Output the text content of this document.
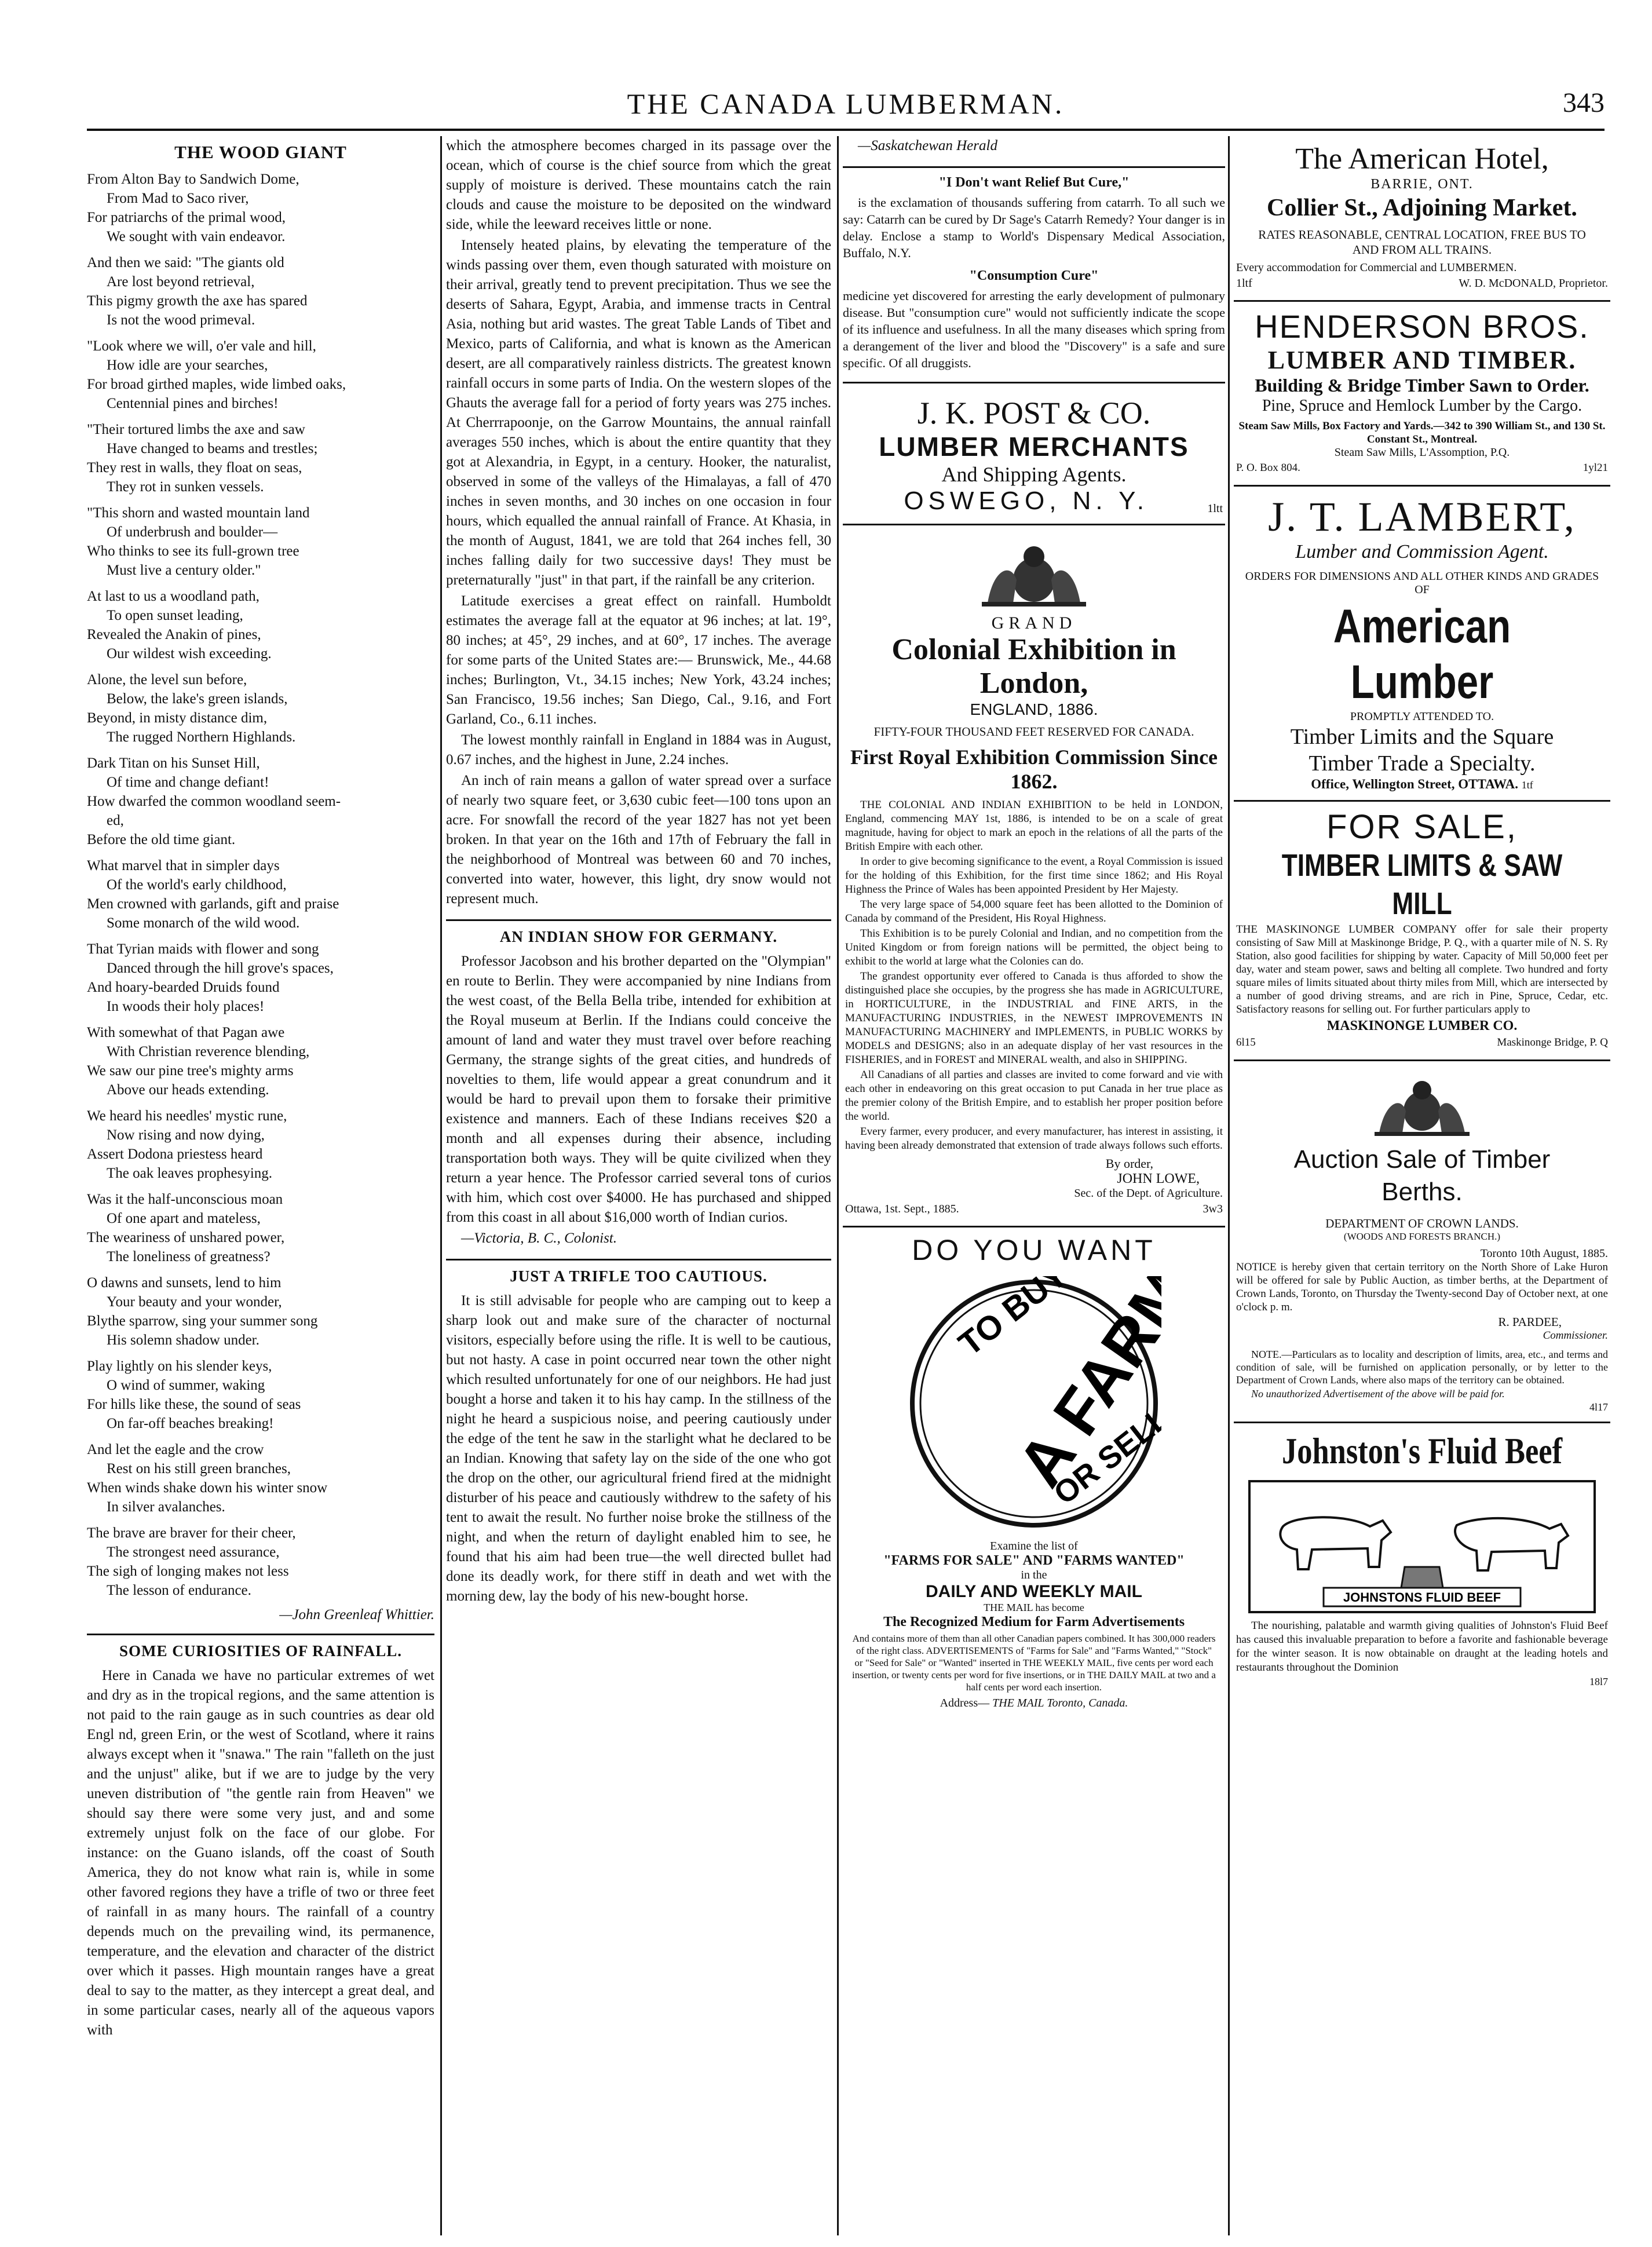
THE CANADA LUMBERMAN.	343
THE WOOD GIANT
From Alton Bay to Sandwich Dome,
From Mad to Saco river,
For patriarchs of the primal wood,
We sought with vain endeavor.
And then we said: "The giants old
Are lost beyond retrieval,
This pigmy growth the axe has spared
Is not the wood primeval.
"Look where we will, o'er vale and hill,
How idle are your searches,
For broad girthed maples, wide limbed oaks,
Centennial pines and birches!
"Their tortured limbs the axe and saw
Have changed to beams and trestles;
They rest in walls, they float on seas,
They rot in sunken vessels.
"This shorn and wasted mountain land
Of underbrush and boulder—
Who thinks to see its full-grown tree
Must live a century older."
At last to us a woodland path,
To open sunset leading,
Revealed the Anakin of pines,
Our wildest wish exceeding.
Alone, the level sun before,
Below, the lake's green islands,
Beyond, in misty distance dim,
The rugged Northern Highlands.
Dark Titan on his Sunset Hill,
Of time and change defiant!
How dwarfed the common woodland seem-
ed,
Before the old time giant.
What marvel that in simpler days
Of the world's early childhood,
Men crowned with garlands, gift and praise
Some monarch of the wild wood.
That Tyrian maids with flower and song
Danced through the hill grove's spaces,
And hoary-bearded Druids found
In woods their holy places!
With somewhat of that Pagan awe
With Christian reverence blending,
We saw our pine tree's mighty arms
Above our heads extending.
We heard his needles' mystic rune,
Now rising and now dying,
Assert Dodona priestess heard
The oak leaves prophesying.
Was it the half-unconscious moan
Of one apart and mateless,
The weariness of unshared power,
The loneliness of greatness?
O dawns and sunsets, lend to him
Your beauty and your wonder,
Blythe sparrow, sing your summer song
His solemn shadow under.
Play lightly on his slender keys,
O wind of summer, waking
For hills like these, the sound of seas
On far-off beaches breaking!
And let the eagle and the crow
Rest on his still green branches,
When winds shake down his winter snow
In silver avalanches.
The brave are braver for their cheer,
The strongest need assurance,
The sigh of longing makes not less
The lesson of endurance.
—John Greenleaf Whittier.
SOME CURIOSITIES OF RAINFALL.
Here in Canada we have no particular extremes of wet and dry as in the tropical regions, and the same attention is not paid to the rain gauge as in such countries as dear old Engl nd, green Erin, or the west of Scotland, where it rains always except when it "snawa." The rain "falleth on the just and the unjust" alike, but if we are to judge by the very uneven distribution of "the gentle rain from Heaven" we should say there were some very just, and and some extremely unjust folk on the face of our globe. For instance: on the Guano islands, off the coast of South America, they do not know what rain is, while in some other favored regions they have a trifle of two or three feet of rainfall in as many hours. The rainfall of a country depends much on the prevailing wind, its permanence, temperature, and the elevation and character of the district over which it passes. High mountain ranges have a great deal to say to the matter, as they intercept a great deal, and in some particular cases, nearly all of the aqueous vapors with
which the atmosphere becomes charged in its passage over the ocean, which of course is the chief source from which the great supply of moisture is derived. These mountains catch the rain clouds and cause the moisture to be deposited on the windward side, while the leeward receives little or none.
Intensely heated plains, by elevating the temperature of the winds passing over them, even though saturated with moisture on their arrival, greatly tend to prevent precipitation. Thus we see the deserts of Sahara, Egypt, Arabia, and immense tracts in Central Asia, nothing but arid wastes. The great Table Lands of Tibet and Mexico, parts of California, and what is known as the American desert, are all comparatively rainless districts. The greatest known rainfall occurs in some parts of India. On the western slopes of the Ghauts the average fall for a period of forty years was 275 inches. At Cherrrapoonje, on the Garrow Mountains, the annual rainfall averages 550 inches, which is about the entire quantity that they got at Alexandria, in Egypt, in a century. Hooker, the naturalist, observed in some of the valleys of the Himalayas, a fall of 470 inches in seven months, and 30 inches on one occasion in four hours, which equalled the annual rainfall of France. At Khasia, in the month of August, 1841, we are told that 264 inches fell, 30 inches falling daily for two successive days! They must be preternaturally "just" in that part, if the rainfall be any criterion.
Latitude exercises a great effect on rainfall. Humboldt estimates the average fall at the equator at 96 inches; at lat. 19°, 80 inches; at 45°, 29 inches, and at 60°, 17 inches. The average for some parts of the United States are:— Brunswick, Me., 44.68 inches; Burlington, Vt., 34.15 inches; New York, 43.24 inches; San Francisco, 19.56 inches; San Diego, Cal., 9.16, and Fort Garland, Co., 6.11 inches.
The lowest monthly rainfall in England in 1884 was in August, 0.67 inches, and the highest in June, 2.24 inches.
An inch of rain means a gallon of water spread over a surface of nearly two square feet, or 3,630 cubic feet—100 tons upon an acre. For snowfall the record of the year 1827 has not yet been broken. In that year on the 16th and 17th of February the fall in the neighborhood of Montreal was between 60 and 70 inches, converted into water, however, this light, dry snow would not represent much.
AN INDIAN SHOW FOR GERMANY.
Professor Jacobson and his brother departed on the "Olympian" en route to Berlin. They were accompanied by nine Indians from the west coast, of the Bella Bella tribe, intended for exhibition at the Royal museum at Berlin. If the Indians could conceive the amount of land and water they must travel over before reaching Germany, the strange sights of the great cities, and hundreds of novelties to them, life would appear a great conundrum and it would be hard to prevail upon them to forsake their primitive existence and manners. Each of these Indians receives $20 a month and all expenses during their absence, including transportation both ways. They will be quite civilized when they return a year hence. The Professor carried several tons of curios with him, which cost over $4000. He has purchased and shipped from this coast in all about $16,000 worth of Indian curios.
—Victoria, B. C., Colonist.
JUST A TRIFLE TOO CAUTIOUS.
It is still advisable for people who are camping out to keep a sharp look out and make sure of the character of nocturnal visitors, especially before using the rifle. It is well to be cautious, but not hasty. A case in point occurred near town the other night which resulted unfortunately for one of our neighbors. He had just bought a horse and taken it to his hay camp. In the stillness of the night he heard a suspicious noise, and peering cautiously under the edge of the tent he saw in the starlight what he declared to be an Indian. Knowing that safety lay on the side of the one who got the drop on the other, our agricultural friend fired at the midnight disturber of his peace and cautiously withdrew to the safety of his tent to await the result. No further noise broke the stillness of the night, and when the return of daylight enabled him to see, he found that his aim had been true—the well directed bullet had done its deadly work, for there stiff in death and wet with the morning dew, lay the body of his new-bought horse.
—Saskatchewan Herald
"I Don't want Relief But Cure,"
is the exclamation of thousands suffering from catarrh. To all such we say: Catarrh can be cured by Dr Sage's Catarrh Remedy? Your danger is in delay. Enclose a stamp to World's Dispensary Medical Association, Buffalo, N.Y.
"Consumption Cure"
medicine yet discovered for arresting the early development of pulmonary disease. But "consumption cure" would not sufficiently indicate the scope of its influence and usefulness. In all the many diseases which spring from a derangement of the liver and blood the "Discovery" is a safe and sure specific. Of all druggists.
J. K. POST & CO.
LUMBER MERCHANTS
And Shipping Agents.
OSWEGO, N. Y.	1ltt
GRAND
Colonial Exhibition in London,
ENGLAND, 1886.
FIFTY-FOUR THOUSAND FEET RESERVED FOR CANADA.
First Royal Exhibition Commission Since 1862.
THE COLONIAL AND INDIAN EXHIBITION to be held in LONDON, England, commencing MAY 1st, 1886, is intended to be on a scale of great magnitude, having for object to mark an epoch in the relations of all the parts of the British Empire with each other.
In order to give becoming significance to the event, a Royal Commission is issued for the holding of this Exhibition, for the first time since 1862; and His Royal Highness the Prince of Wales has been appointed President by Her Majesty.
The very large space of 54,000 square feet has been allotted to the Dominion of Canada by command of the President, His Royal Highness.
This Exhibition is to be purely Colonial and Indian, and no competition from the United Kingdom or from foreign nations will be permitted, the object being to exhibit to the world at large what the Colonies can do.
The grandest opportunity ever offered to Canada is thus afforded to show the distinguished place she occupies, by the progress she has made in AGRICULTURE, in HORTICULTURE, in the INDUSTRIAL and FINE ARTS, in the MANUFACTURING INDUSTRIES, in the NEWEST IMPROVEMENTS IN MANUFACTURING MACHINERY and IMPLEMENTS, in PUBLIC WORKS by MODELS and DESIGNS; also in an adequate display of her vast resources in the FISHERIES, and in FOREST and MINERAL wealth, and also in SHIPPING.
All Canadians of all parties and classes are invited to come forward and vie with each other in endeavoring on this great occasion to put Canada in her true place as the premier colony of the British Empire, and to establish her proper position before the world.
Every farmer, every producer, and every manufacturer, has interest in assisting, it having been already demonstrated that extension of trade always follows such efforts.
By order,
JOHN LOWE,
Sec. of the Dept. of Agriculture.
Ottawa, 1st. Sept., 1885.	3w3
DO YOU WANT
TO BUY
A FARM
OR SELL
Examine the list of
"FARMS FOR SALE" AND "FARMS WANTED"
in the
DAILY AND WEEKLY MAIL
THE MAIL has become
The Recognized Medium for Farm Advertisements
And contains more of them than all other Canadian papers combined. It has 300,000 readers of the right class. ADVERTISEMENTS of "Farms for Sale" and "Farms Wanted," "Stock" or "Seed for Sale" or "Wanted" inserted in THE WEEKLY MAIL, five cents per word each insertion, or twenty cents per word for five insertions, or in THE DAILY MAIL at two and a half cents per word each insertion.
Address— THE MAIL Toronto, Canada.
The American Hotel,
BARRIE, ONT.
Collier St., Adjoining Market.
RATES REASONABLE, CENTRAL LOCATION, FREE BUS TO AND FROM ALL TRAINS.
Every accommodation for Commercial and LUMBERMEN.
1ltf	W. D. McDONALD, Proprietor.
HENDERSON BROS.
LUMBER AND TIMBER.
Building & Bridge Timber Sawn to Order.
Pine, Spruce and Hemlock Lumber by the Cargo.
Steam Saw Mills, Box Factory and Yards.—342 to 390 William St., and 130 St. Constant St., Montreal.
Steam Saw Mills, L'Assomption, P.Q.
P. O. Box 804.	1yl21
J. T. LAMBERT,
Lumber and Commission Agent.
ORDERS FOR DIMENSIONS AND ALL OTHER KINDS AND GRADES OF
American Lumber
PROMPTLY ATTENDED TO.
Timber Limits and the Square
Timber Trade a Specialty.
Office, Wellington Street, OTTAWA. 1tf
FOR SALE,
TIMBER LIMITS & SAW MILL
THE MASKINONGE LUMBER COMPANY offer for sale their property consisting of Saw Mill at Maskinonge Bridge, P. Q., with a quarter mile of N. S. Ry Station, also good facilities for shipping by water. Capacity of Mill 50,000 feet per day, water and steam power, saws and belting all complete. Two hundred and forty square miles of limits situated about thirty miles from Mill, which are intersected by a number of good driving streams, and are rich in Pine, Spruce, Cedar, etc. Satisfactory reasons for selling out. For further particulars apply to
MASKINONGE LUMBER CO.
6l15	Maskinonge Bridge, P. Q
Auction Sale of Timber Berths.
DEPARTMENT OF CROWN LANDS.
(WOODS AND FORESTS BRANCH.)
Toronto 10th August, 1885.
NOTICE is hereby given that certain territory on the North Shore of Lake Huron will be offered for sale by Public Auction, as timber berths, at the Department of Crown Lands, Toronto, on Thursday the Twenty-second Day of October next, at one o'clock p. m.
R. PARDEE,
Commissioner.
NOTE.—Particulars as to locality and description of limits, area, etc., and terms and condition of sale, will be furnished on application personally, or by letter to the Department of Crown Lands, where also maps of the territory can be obtained.
No unauthorized Advertisement of the above will be paid for.
4l17
Johnston's Fluid Beef
JOHNSTONS FLUID BEEF
The nourishing, palatable and warmth giving qualities of Johnston's Fluid Beef has caused this invaluable preparation to before a favorite and fashionable beverage for the winter season. It is now obtainable on draught at the leading hotels and restaurants throughout the Dominion
18l7
